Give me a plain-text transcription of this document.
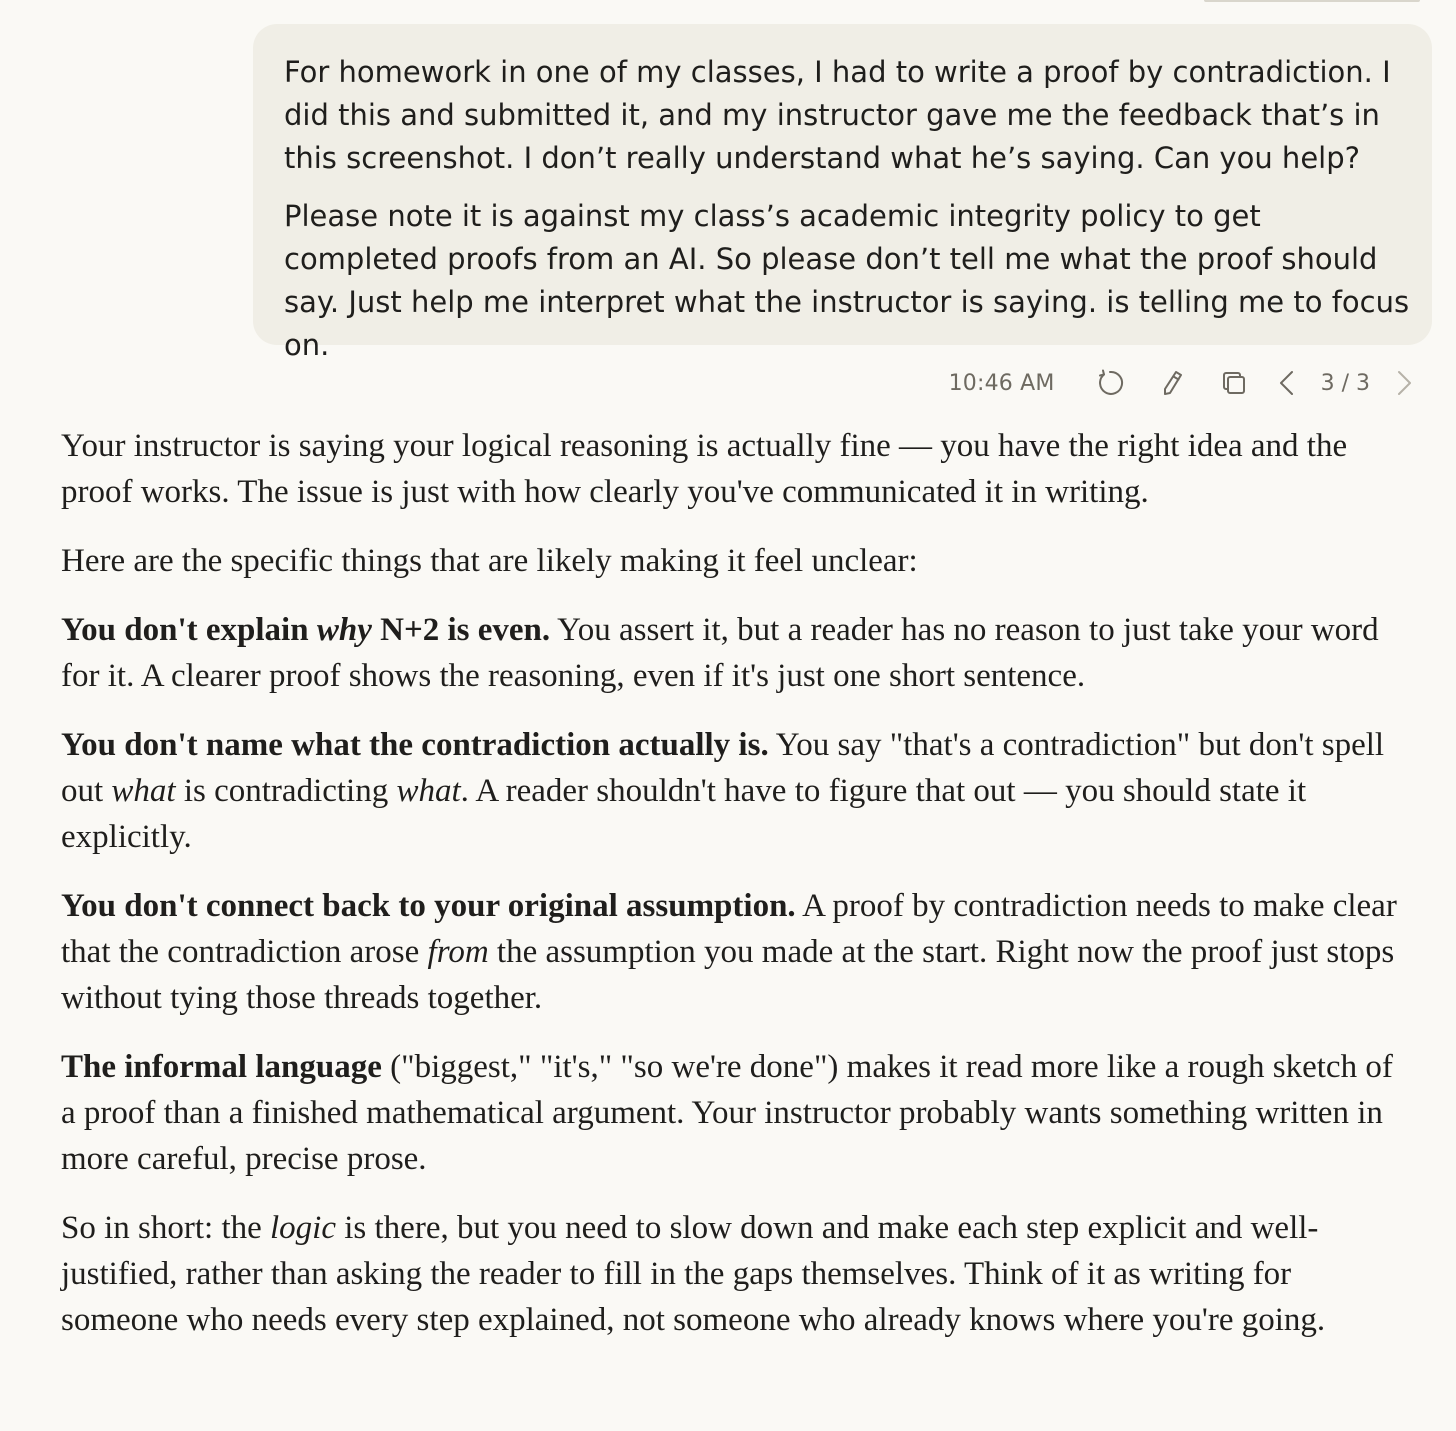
For homework in one of my classes, I had to write a proof by contradiction. I did this and submitted it, and my instructor gave me the feedback that’s in this screenshot. I don’t really understand what he’s saying. Can you help?

Please note it is against my class’s academic integrity policy to get completed proofs from an AI. So please don’t tell me what the proof should say. Just help me interpret what the instructor is saying. is telling me to focus on.

10:46 AM	3 / 3

Your instructor is saying your logical reasoning is actually fine — you have the right idea and the proof works. The issue is just with how clearly you've communicated it in writing.

Here are the specific things that are likely making it feel unclear:

You don't explain why N+2 is even. You assert it, but a reader has no reason to just take your word for it. A clearer proof shows the reasoning, even if it's just one short sentence.

You don't name what the contradiction actually is. You say "that's a contradiction" but don't spell out what is contradicting what. A reader shouldn't have to figure that out — you should state it explicitly.

You don't connect back to your original assumption. A proof by contradiction needs to make clear that the contradiction arose from the assumption you made at the start. Right now the proof just stops without tying those threads together.

The informal language ("biggest," "it's," "so we're done") makes it read more like a rough sketch of a proof than a finished mathematical argument. Your instructor probably wants something written in more careful, precise prose.

So in short: the logic is there, but you need to slow down and make each step explicit and well-justified, rather than asking the reader to fill in the gaps themselves. Think of it as writing for someone who needs every step explained, not someone who already knows where you're going.
